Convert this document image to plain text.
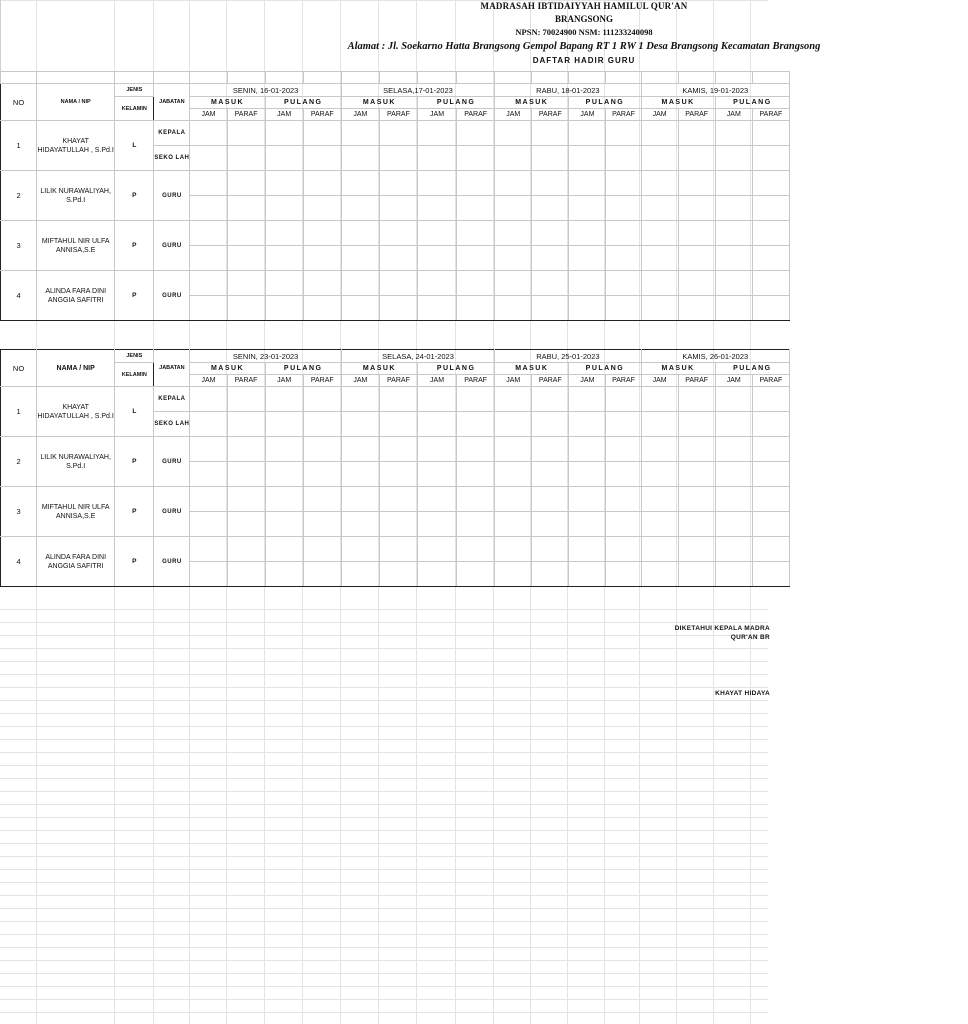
MADRASAH IBTIDAIYYAH HAMILUL QUR'AN
BRANGSONG
NPSN: 70024900 NSM: 111233240098
Alamat : Jl. Soekarno Hatta Brangsong Gempol Bapang RT 1 RW 1 Desa Brangsong Kecamatan Brangsong
DAFTAR HADIR GURU

NO	NAMA / NIP	JENIS	JABATAN	SENIN, 16-01-2023				SELASA,17-01-2023				RABU, 18-01-2023				KAMIS, 19-01-2023			
		KELAMIN		MASUK		PULANG		MASUK		PULANG		MASUK		PULANG		MASUK		PULANG	
				JAM	PARAF	JAM	PARAF	JAM	PARAF	JAM	PARAF	JAM	PARAF	JAM	PARAF	JAM	PARAF	JAM	PARAF
1	KHAYAT HIDAYATULLAH , S.Pd.I	L	KEPALA																
			SEKO LAH																
2	LILIK NURAWALIYAH, S.Pd.I	P	GURU																

3	MIFTAHUL NIR ULFA ANNISA,S.E	P	GURU																

4	ALINDA FARA DINI ANGGIA SAFITRI	P	GURU																

NO	NAMA / NIP	JENIS	JABATAN	SENIN, 23-01-2023				SELASA, 24-01-2023				RABU, 25-01-2023				KAMIS, 26-01-2023			
		KELAMIN		MASUK		PULANG		MASUK		PULANG		MASUK		PULANG		MASUK		PULANG	
				JAM	PARAF	JAM	PARAF	JAM	PARAF	JAM	PARAF	JAM	PARAF	JAM	PARAF	JAM	PARAF	JAM	PARAF
1	KHAYAT HIDAYATULLAH , S.Pd.I	L	KEPALA																
			SEKO LAH																
2	LILIK NURAWALIYAH, S.Pd.I	P	GURU																

3	MIFTAHUL NIR ULFA ANNISA,S.E	P	GURU																

4	ALINDA FARA DINI ANGGIA SAFITRI	P	GURU																

DIKETAHUI KEPALA MADRA
QUR'AN BR
KHAYAT HIDAYA
